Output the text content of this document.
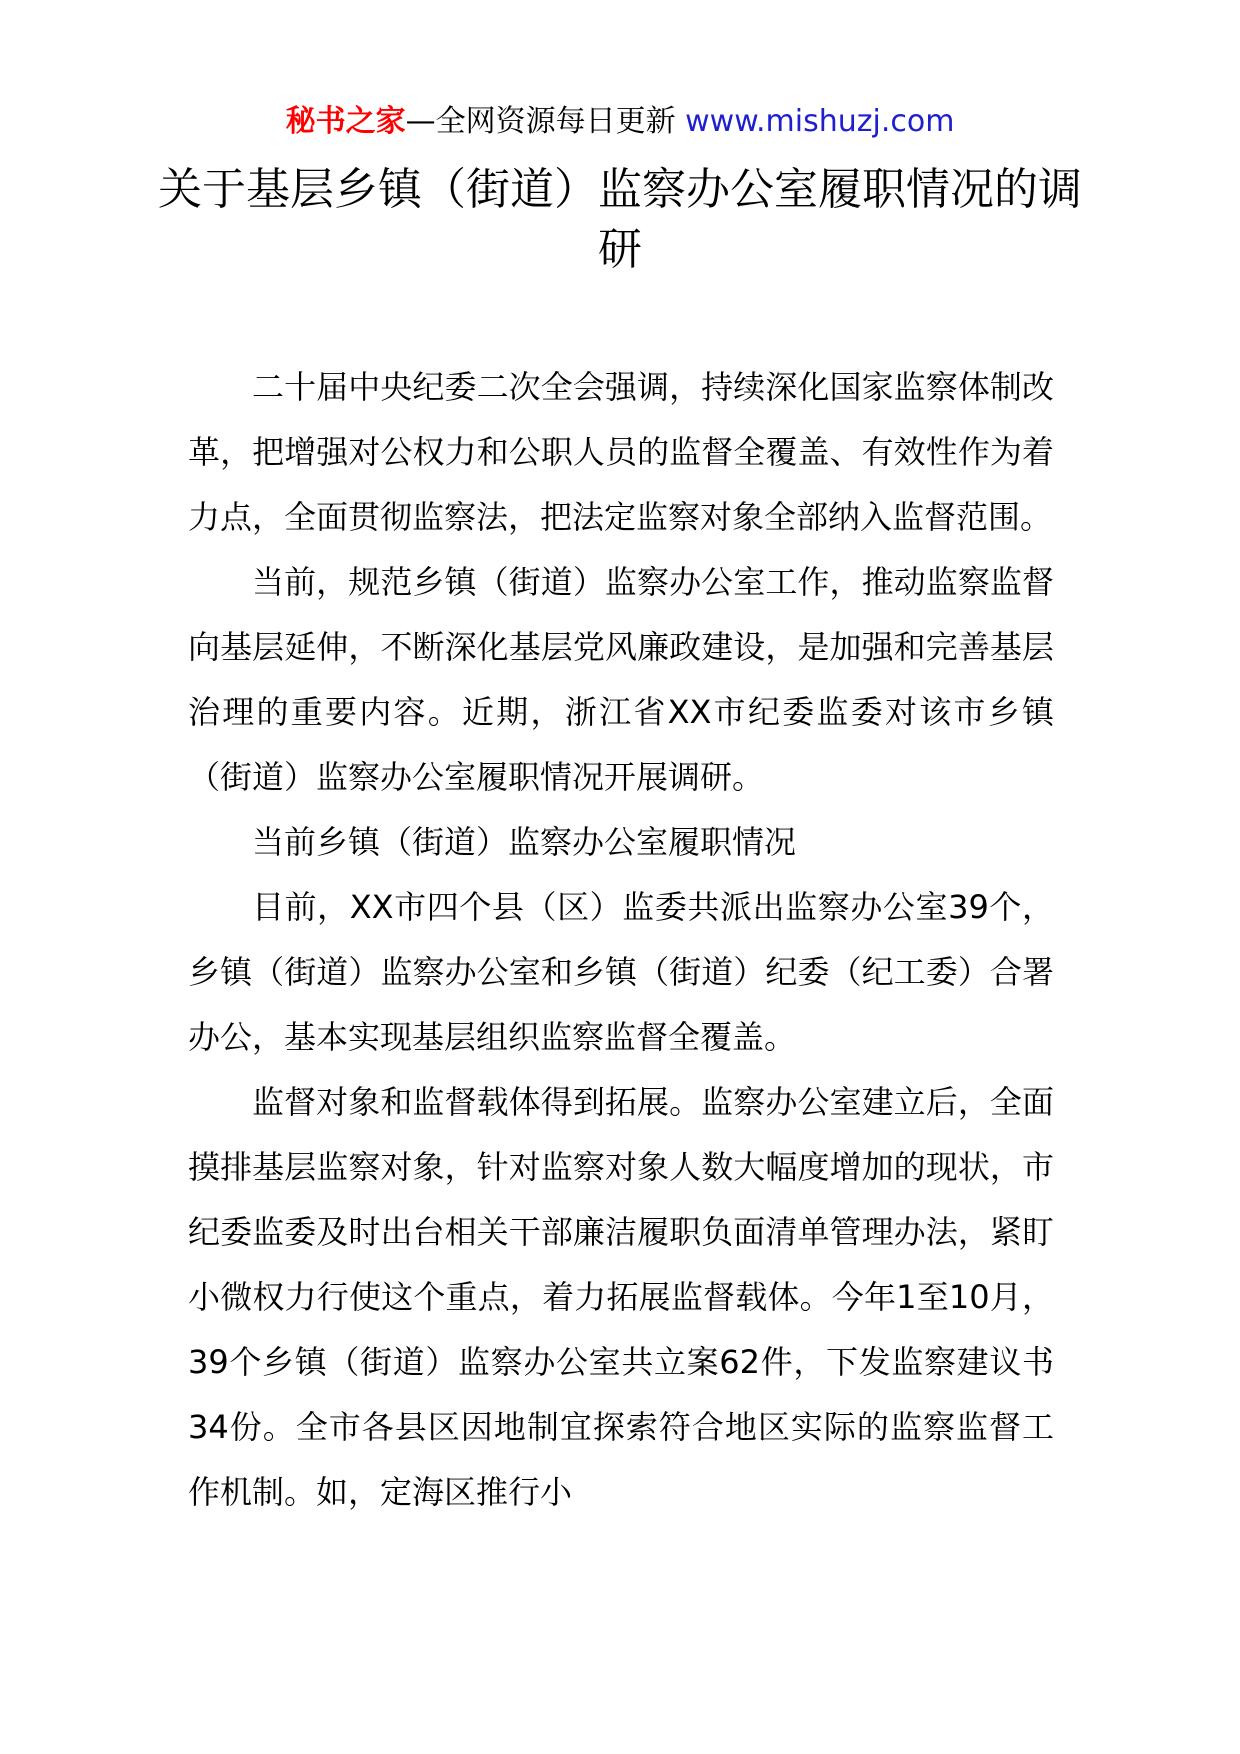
秘书之家—全网资源每日更新 www.mishuzj.com
关于基层乡镇（街道）监察办公室履职情况的调研

二十届中央纪委二次全会强调，持续深化国家监察体制改革，把增强对公权力和公职人员的监督全覆盖、有效性作为着力点，全面贯彻监察法，把法定监察对象全部纳入监督范围。

当前，规范乡镇（街道）监察办公室工作，推动监察监督向基层延伸，不断深化基层党风廉政建设，是加强和完善基层治理的重要内容。近期，浙江省XX市纪委监委对该市乡镇（街道）监察办公室履职情况开展调研。

当前乡镇（街道）监察办公室履职情况

目前，XX市四个县（区）监委共派出监察办公室39个，乡镇（街道）监察办公室和乡镇（街道）纪委（纪工委）合署办公，基本实现基层组织监察监督全覆盖。

监督对象和监督载体得到拓展。监察办公室建立后，全面摸排基层监察对象，针对监察对象人数大幅度增加的现状，市纪委监委及时出台相关干部廉洁履职负面清单管理办法，紧盯小微权力行使这个重点，着力拓展监督载体。今年1至10月，39个乡镇（街道）监察办公室共立案62件，下发监察建议书34份。全市各县区因地制宜探索符合地区实际的监察监督工作机制。如，定海区推行小
